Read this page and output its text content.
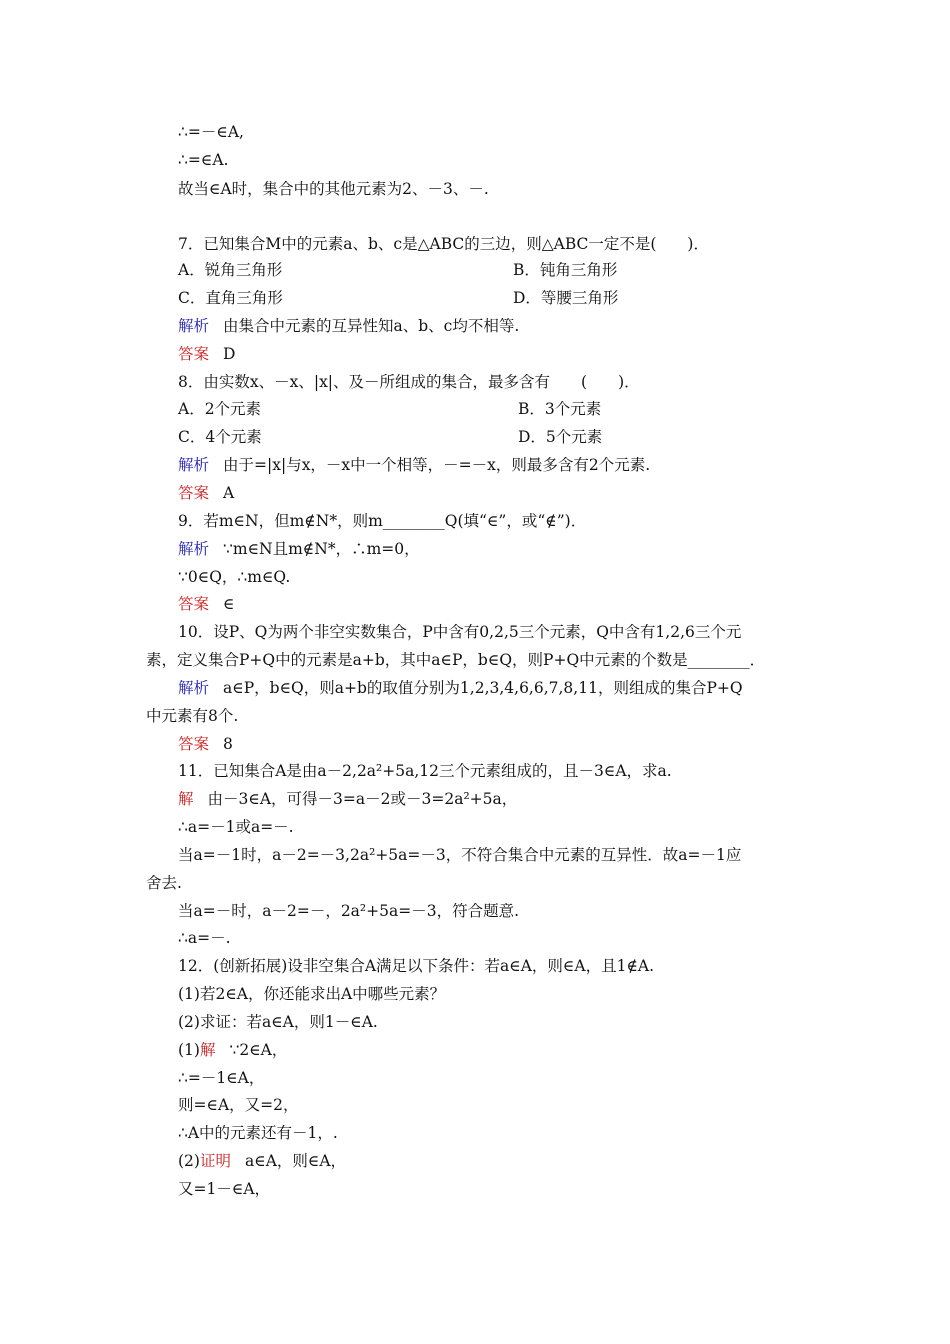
∴=－∈A,
∴=∈A.
故当∈A时，集合中的其他元素为2、－3、－.
7．已知集合M中的元素a、b、c是△ABC的三边，则△ABC一定不是(　　)．
A．锐角三角形	B．钝角三角形
C．直角三角形	D．等腰三角形
解析 由集合中元素的互异性知a、b、c均不相等.
答案 D
8．由实数x、－x、|x|、及－所组成的集合，最多含有　　(　　)．
A．2个元素	B．3个元素
C．4个元素	D．5个元素
解析 由于=|x|与x，－x中一个相等，－=－x，则最多含有2个元素.
答案 A
9．若m∈N，但m∉N*，则m________Q(填“∈”，或“∉”)．
解析 ∵m∈N且m∉N*，∴m=0，
∵0∈Q，∴m∈Q.
答案 ∈
10．设P、Q为两个非空实数集合，P中含有0,2,5三个元素，Q中含有1,2,6三个元
素，定义集合P+Q中的元素是a+b，其中a∈P，b∈Q，则P+Q中元素的个数是________．
解析 a∈P，b∈Q，则a+b的取值分别为1,2,3,4,6,6,7,8,11，则组成的集合P+Q
中元素有8个.
答案 8
11．已知集合A是由a－2,2a²+5a,12三个元素组成的，且－3∈A，求a.
解 由－3∈A，可得－3=a－2或－3=2a²+5a，
∴a=－1或a=－.
当a=－1时，a－2=－3,2a²+5a=－3，不符合集合中元素的互异性．故a=－1应
舍去.
当a=－时，a－2=－，2a²+5a=－3，符合题意.
∴a=－.
12．(创新拓展)设非空集合A满足以下条件：若a∈A，则∈A，且1∉A.
(1)若2∈A，你还能求出A中哪些元素？
(2)求证：若a∈A，则1－∈A.
(1)解 ∵2∈A，
∴=－1∈A，
则=∈A，又=2，
∴A中的元素还有－1，.
(2)证明 a∈A，则∈A，
又=1－∈A，
